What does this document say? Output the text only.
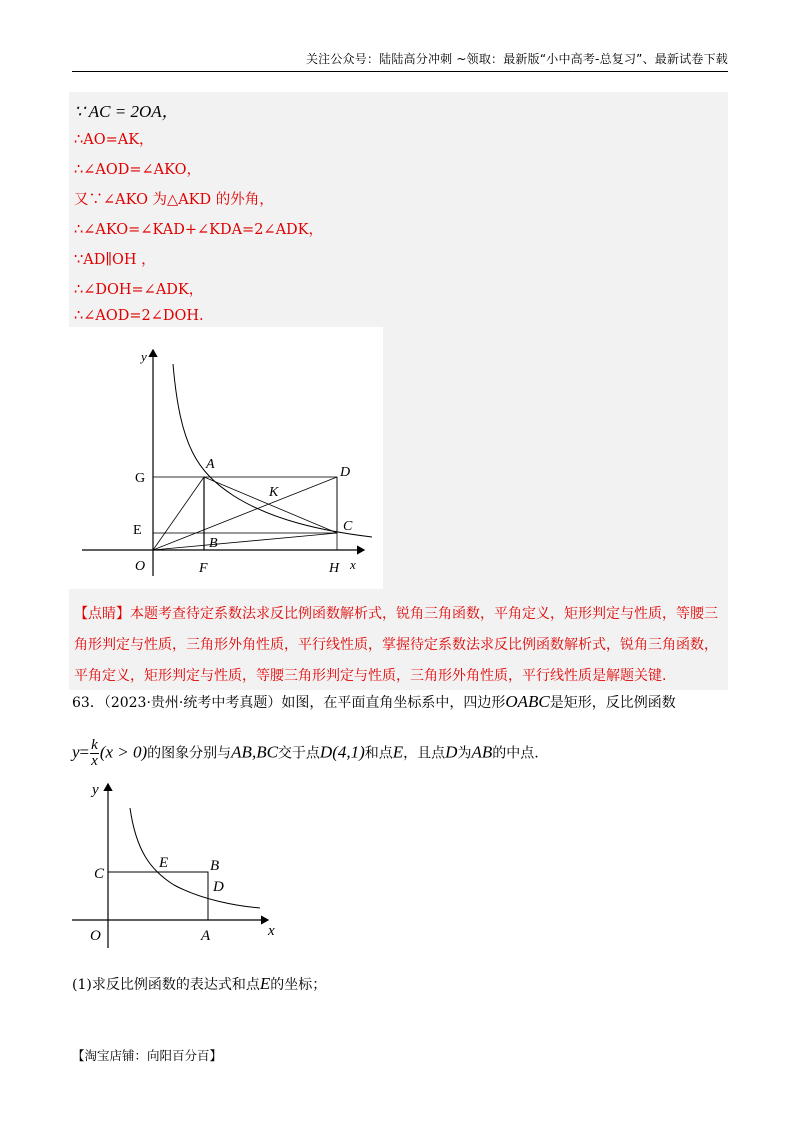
关注公众号：陆陆高分冲刺 ~领取：最新版“小中高考-总复习”、最新试卷下载
∵ AC = 2OA，
∴AO=AK，
∴∠AOD=∠AKO，
又∵∠AKO 为△AKD 的外角，
∴∠AKO=∠KAD+∠KDA=2∠ADK，
∵AD∥OH ，
∴∠DOH=∠ADK，
∴∠AOD=2∠DOH.
y
x
O	F	H
G
E
A
B
C
D
K
【点睛】本题考查待定系数法求反比例函数解析式，锐角三角函数，平角定义，矩形判定与性质，等腰三
角形判定与性质，三角形外角性质，平行线性质，掌握待定系数法求反比例函数解析式，锐角三角函数，
平角定义，矩形判定与性质，等腰三角形判定与性质，三角形外角性质，平行线性质是解题关键.
63．（2023·贵州·统考中考真题）如图，在平面直角坐标系中，四边形OABC是矩形，反比例函数
$y= \frac{k}{x} (x > 0)$的图象分别与AB,BC交于点D(4,1)和点E，且点D为AB的中点.
y
x
O	A
C	B
D
E
(1)求反比例函数的表达式和点E的坐标；
【淘宝店铺：向阳百分百】
